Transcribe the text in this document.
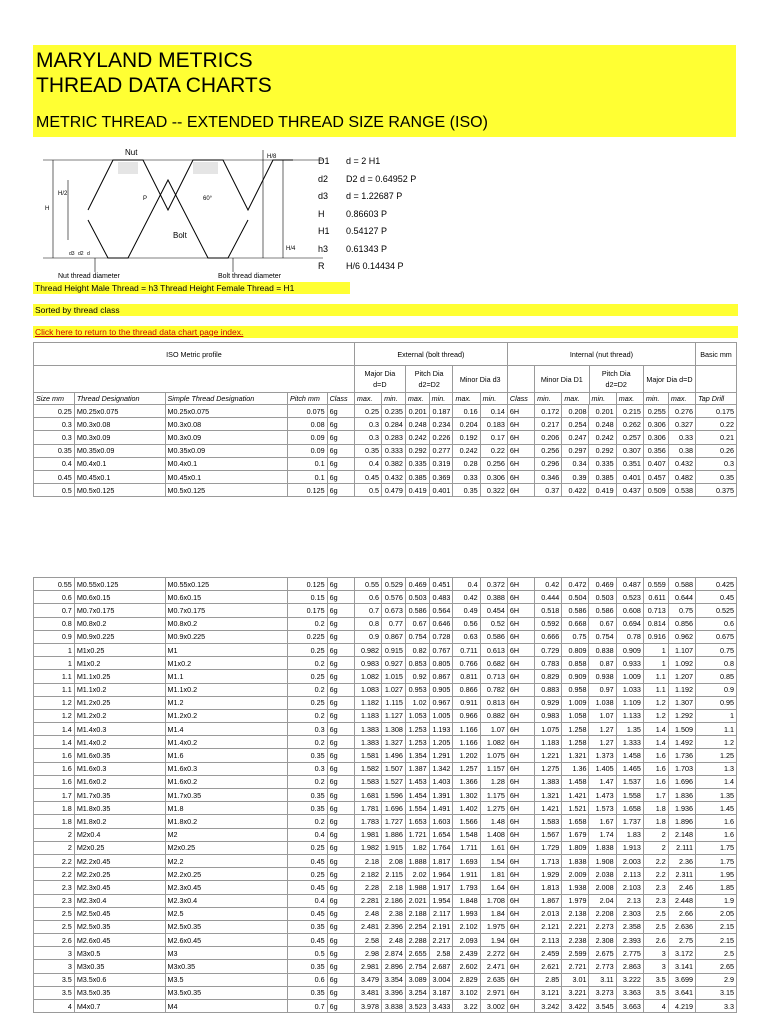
MARYLAND METRICS
THREAD DATA CHARTS
METRIC THREAD -- EXTENDED THREAD SIZE RANGE (ISO)
Nut
Bolt
H/8
H/4
H
H/2
P	60°
d3 d2 d
Nut thread diameter	Bolt thread diameter
D1	d = 2 H1
d2	D2 d = 0.64952 P
d3	d = 1.22687 P
H	0.86603 P
H1	0.54127 P
h3	0.61343 P
R	H/6 0.14434 P
Thread Height Male Thread = h3 Thread Height Female Thread = H1
Sorted by thread class
Click here to return to the thread data chart page index.
ISO Metric profile					External (bolt thread)						Internal (nut thread)							Basic mm
					Major Dia d=D		Pitch Dia d2=D2		Minor Dia d3			Minor Dia D1		Pitch Dia d2=D2		Major Dia d=D		
Size mm	Thread Designation	Simple Thread Designation	Pitch mm	Class	max.	min.	max.	min.	max.	min.	Class	min.	max.	min.	max.	min.	max.	Tap Drill
0.25	M0.25x0.075	M0.25x0.075	0.075	6g	0.25	0.235	0.201	0.187	0.16	0.14	6H	0.172	0.208	0.201	0.215	0.255	0.276	0.175
0.3	M0.3x0.08	M0.3x0.08	0.08	6g	0.3	0.284	0.248	0.234	0.204	0.183	6H	0.217	0.254	0.248	0.262	0.306	0.327	0.22
0.3	M0.3x0.09	M0.3x0.09	0.09	6g	0.3	0.283	0.242	0.226	0.192	0.17	6H	0.206	0.247	0.242	0.257	0.306	0.33	0.21
0.35	M0.35x0.09	M0.35x0.09	0.09	6g	0.35	0.333	0.292	0.277	0.242	0.22	6H	0.256	0.297	0.292	0.307	0.356	0.38	0.26
0.4	M0.4x0.1	M0.4x0.1	0.1	6g	0.4	0.382	0.335	0.319	0.28	0.256	6H	0.296	0.34	0.335	0.351	0.407	0.432	0.3
0.45	M0.45x0.1	M0.45x0.1	0.1	6g	0.45	0.432	0.385	0.369	0.33	0.306	6H	0.346	0.39	0.385	0.401	0.457	0.482	0.35
0.5	M0.5x0.125	M0.5x0.125	0.125	6g	0.5	0.479	0.419	0.401	0.35	0.322	6H	0.37	0.422	0.419	0.437	0.509	0.538	0.375
0.55	M0.55x0.125	M0.55x0.125	0.125	6g	0.55	0.529	0.469	0.451	0.4	0.372	6H	0.42	0.472	0.469	0.487	0.559	0.588	0.425
0.6	M0.6x0.15	M0.6x0.15	0.15	6g	0.6	0.576	0.503	0.483	0.42	0.388	6H	0.444	0.504	0.503	0.523	0.611	0.644	0.45
0.7	M0.7x0.175	M0.7x0.175	0.175	6g	0.7	0.673	0.586	0.564	0.49	0.454	6H	0.518	0.586	0.586	0.608	0.713	0.75	0.525
0.8	M0.8x0.2	M0.8x0.2	0.2	6g	0.8	0.77	0.67	0.646	0.56	0.52	6H	0.592	0.668	0.67	0.694	0.814	0.856	0.6
0.9	M0.9x0.225	M0.9x0.225	0.225	6g	0.9	0.867	0.754	0.728	0.63	0.586	6H	0.666	0.75	0.754	0.78	0.916	0.962	0.675
1	M1x0.25	M1	0.25	6g	0.982	0.915	0.82	0.767	0.711	0.613	6H	0.729	0.809	0.838	0.909	1	1.107	0.75
1	M1x0.2	M1x0.2	0.2	6g	0.983	0.927	0.853	0.805	0.766	0.682	6H	0.783	0.858	0.87	0.933	1	1.092	0.8
1.1	M1.1x0.25	M1.1	0.25	6g	1.082	1.015	0.92	0.867	0.811	0.713	6H	0.829	0.909	0.938	1.009	1.1	1.207	0.85
1.1	M1.1x0.2	M1.1x0.2	0.2	6g	1.083	1.027	0.953	0.905	0.866	0.782	6H	0.883	0.958	0.97	1.033	1.1	1.192	0.9
1.2	M1.2x0.25	M1.2	0.25	6g	1.182	1.115	1.02	0.967	0.911	0.813	6H	0.929	1.009	1.038	1.109	1.2	1.307	0.95
1.2	M1.2x0.2	M1.2x0.2	0.2	6g	1.183	1.127	1.053	1.005	0.966	0.882	6H	0.983	1.058	1.07	1.133	1.2	1.292	1
1.4	M1.4x0.3	M1.4	0.3	6g	1.383	1.308	1.253	1.193	1.166	1.07	6H	1.075	1.258	1.27	1.35	1.4	1.509	1.1
1.4	M1.4x0.2	M1.4x0.2	0.2	6g	1.383	1.327	1.253	1.205	1.166	1.082	6H	1.183	1.258	1.27	1.333	1.4	1.492	1.2
1.6	M1.6x0.35	M1.6	0.35	6g	1.581	1.496	1.354	1.291	1.202	1.075	6H	1.221	1.321	1.373	1.458	1.6	1.736	1.25
1.6	M1.6x0.3	M1.6x0.3	0.3	6g	1.582	1.507	1.387	1.342	1.257	1.157	6H	1.275	1.36	1.405	1.465	1.6	1.703	1.3
1.6	M1.6x0.2	M1.6x0.2	0.2	6g	1.583	1.527	1.453	1.403	1.366	1.28	6H	1.383	1.458	1.47	1.537	1.6	1.696	1.4
1.7	M1.7x0.35	M1.7x0.35	0.35	6g	1.681	1.596	1.454	1.391	1.302	1.175	6H	1.321	1.421	1.473	1.558	1.7	1.836	1.35
1.8	M1.8x0.35	M1.8	0.35	6g	1.781	1.696	1.554	1.491	1.402	1.275	6H	1.421	1.521	1.573	1.658	1.8	1.936	1.45
1.8	M1.8x0.2	M1.8x0.2	0.2	6g	1.783	1.727	1.653	1.603	1.566	1.48	6H	1.583	1.658	1.67	1.737	1.8	1.896	1.6
2	M2x0.4	M2	0.4	6g	1.981	1.886	1.721	1.654	1.548	1.408	6H	1.567	1.679	1.74	1.83	2	2.148	1.6
2	M2x0.25	M2x0.25	0.25	6g	1.982	1.915	1.82	1.764	1.711	1.61	6H	1.729	1.809	1.838	1.913	2	2.111	1.75
2.2	M2.2x0.45	M2.2	0.45	6g	2.18	2.08	1.888	1.817	1.693	1.54	6H	1.713	1.838	1.908	2.003	2.2	2.36	1.75
2.2	M2.2x0.25	M2.2x0.25	0.25	6g	2.182	2.115	2.02	1.964	1.911	1.81	6H	1.929	2.009	2.038	2.113	2.2	2.311	1.95
2.3	M2.3x0.45	M2.3x0.45	0.45	6g	2.28	2.18	1.988	1.917	1.793	1.64	6H	1.813	1.938	2.008	2.103	2.3	2.46	1.85
2.3	M2.3x0.4	M2.3x0.4	0.4	6g	2.281	2.186	2.021	1.954	1.848	1.708	6H	1.867	1.979	2.04	2.13	2.3	2.448	1.9
2.5	M2.5x0.45	M2.5	0.45	6g	2.48	2.38	2.188	2.117	1.993	1.84	6H	2.013	2.138	2.208	2.303	2.5	2.66	2.05
2.5	M2.5x0.35	M2.5x0.35	0.35	6g	2.481	2.396	2.254	2.191	2.102	1.975	6H	2.121	2.221	2.273	2.358	2.5	2.636	2.15
2.6	M2.6x0.45	M2.6x0.45	0.45	6g	2.58	2.48	2.288	2.217	2.093	1.94	6H	2.113	2.238	2.308	2.393	2.6	2.75	2.15
3	M3x0.5	M3	0.5	6g	2.98	2.874	2.655	2.58	2.439	2.272	6H	2.459	2.599	2.675	2.775	3	3.172	2.5
3	M3x0.35	M3x0.35	0.35	6g	2.981	2.896	2.754	2.687	2.602	2.471	6H	2.621	2.721	2.773	2.863	3	3.141	2.65
3.5	M3.5x0.6	M3.5	0.6	6g	3.479	3.354	3.089	3.004	2.829	2.635	6H	2.85	3.01	3.11	3.222	3.5	3.699	2.9
3.5	M3.5x0.35	M3.5x0.35	0.35	6g	3.481	3.396	3.254	3.187	3.102	2.971	6H	3.121	3.221	3.273	3.363	3.5	3.641	3.15
4	M4x0.7	M4	0.7	6g	3.978	3.838	3.523	3.433	3.22	3.002	6H	3.242	3.422	3.545	3.663	4	4.219	3.3
